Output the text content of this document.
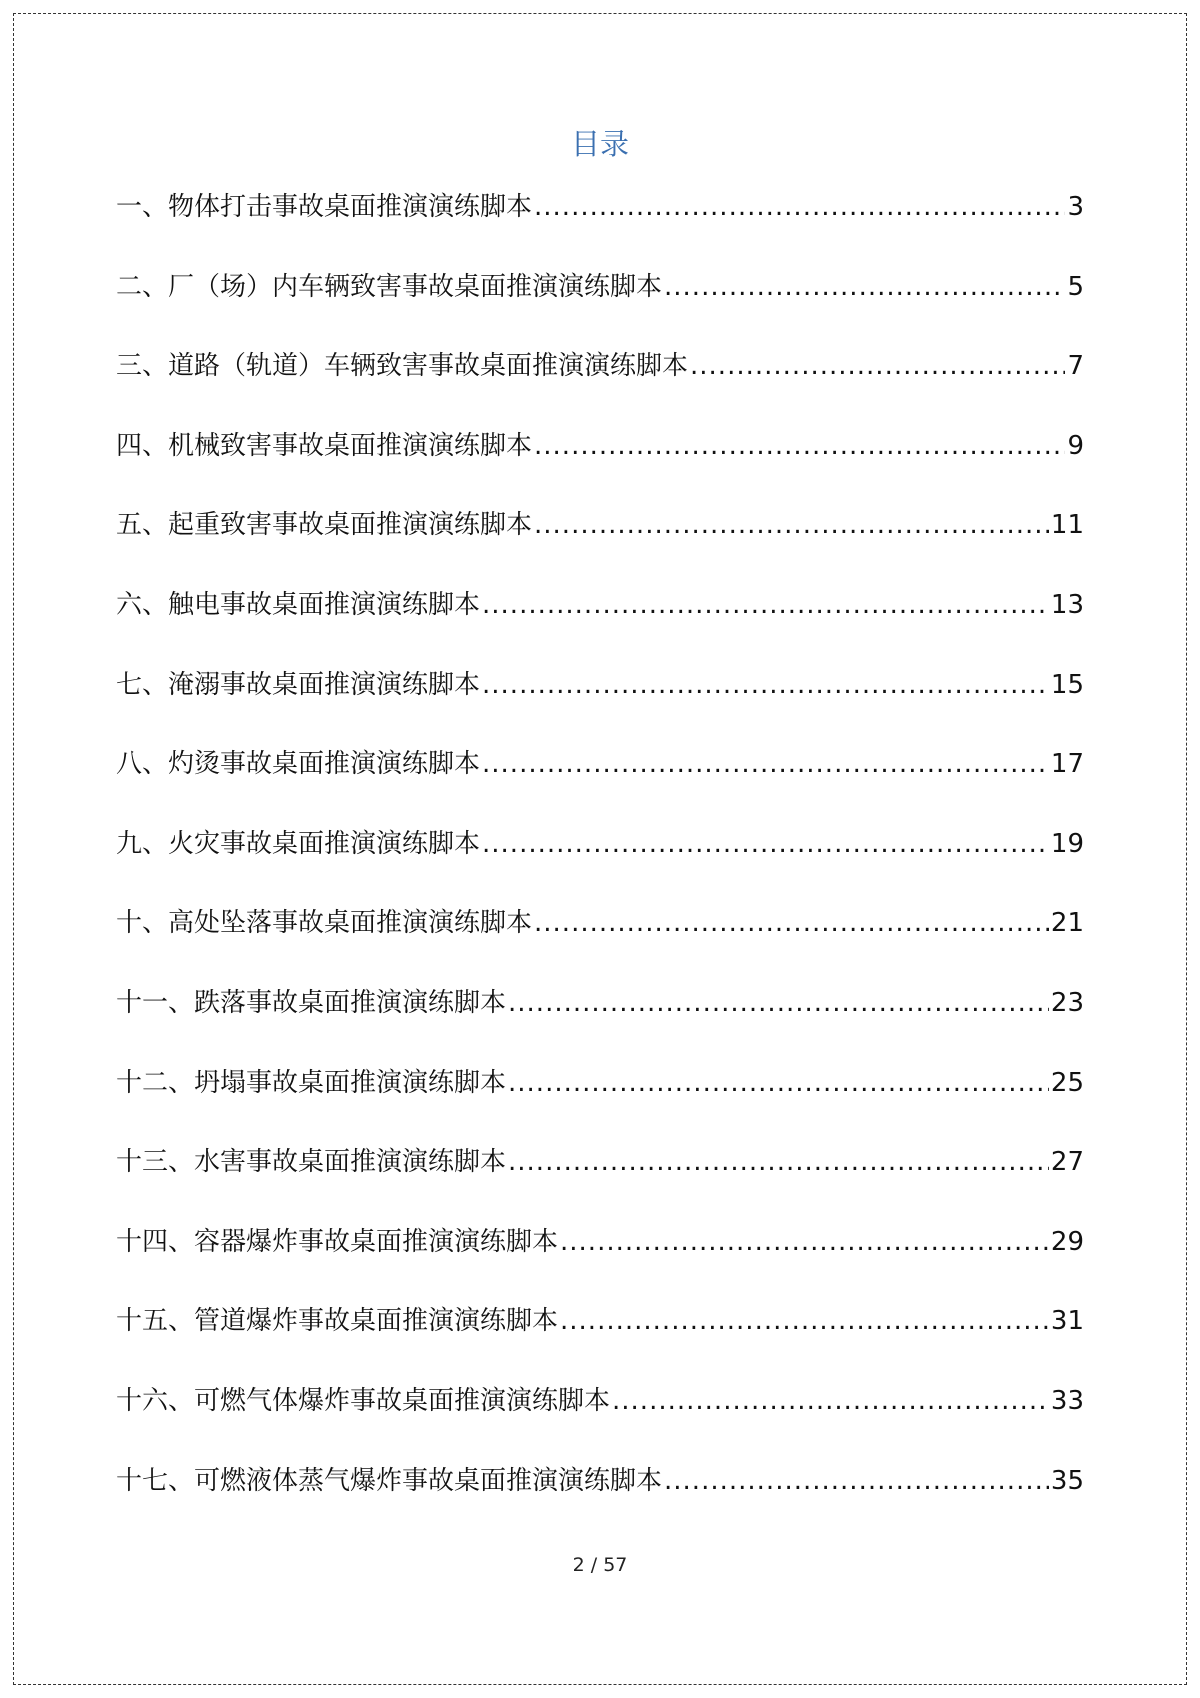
目录
一、物体打击事故桌面推演演练脚本 .....	3
二、厂（场）内车辆致害事故桌面推演演练脚本 .....	5
三、道路（轨道）车辆致害事故桌面推演演练脚本 .....	7
四、机械致害事故桌面推演演练脚本 .....	9
五、起重致害事故桌面推演演练脚本 .....	11
六、触电事故桌面推演演练脚本 .....	13
七、淹溺事故桌面推演演练脚本 .....	15
八、灼烫事故桌面推演演练脚本 .....	17
九、火灾事故桌面推演演练脚本 .....	19
十、高处坠落事故桌面推演演练脚本 .....	21
十一、跌落事故桌面推演演练脚本 .....	23
十二、坍塌事故桌面推演演练脚本 .....	25
十三、水害事故桌面推演演练脚本 .....	27
十四、容器爆炸事故桌面推演演练脚本 .....	29
十五、管道爆炸事故桌面推演演练脚本 .....	31
十六、可燃气体爆炸事故桌面推演演练脚本 .....	33
十七、可燃液体蒸气爆炸事故桌面推演演练脚本 .....	35
2 / 57
